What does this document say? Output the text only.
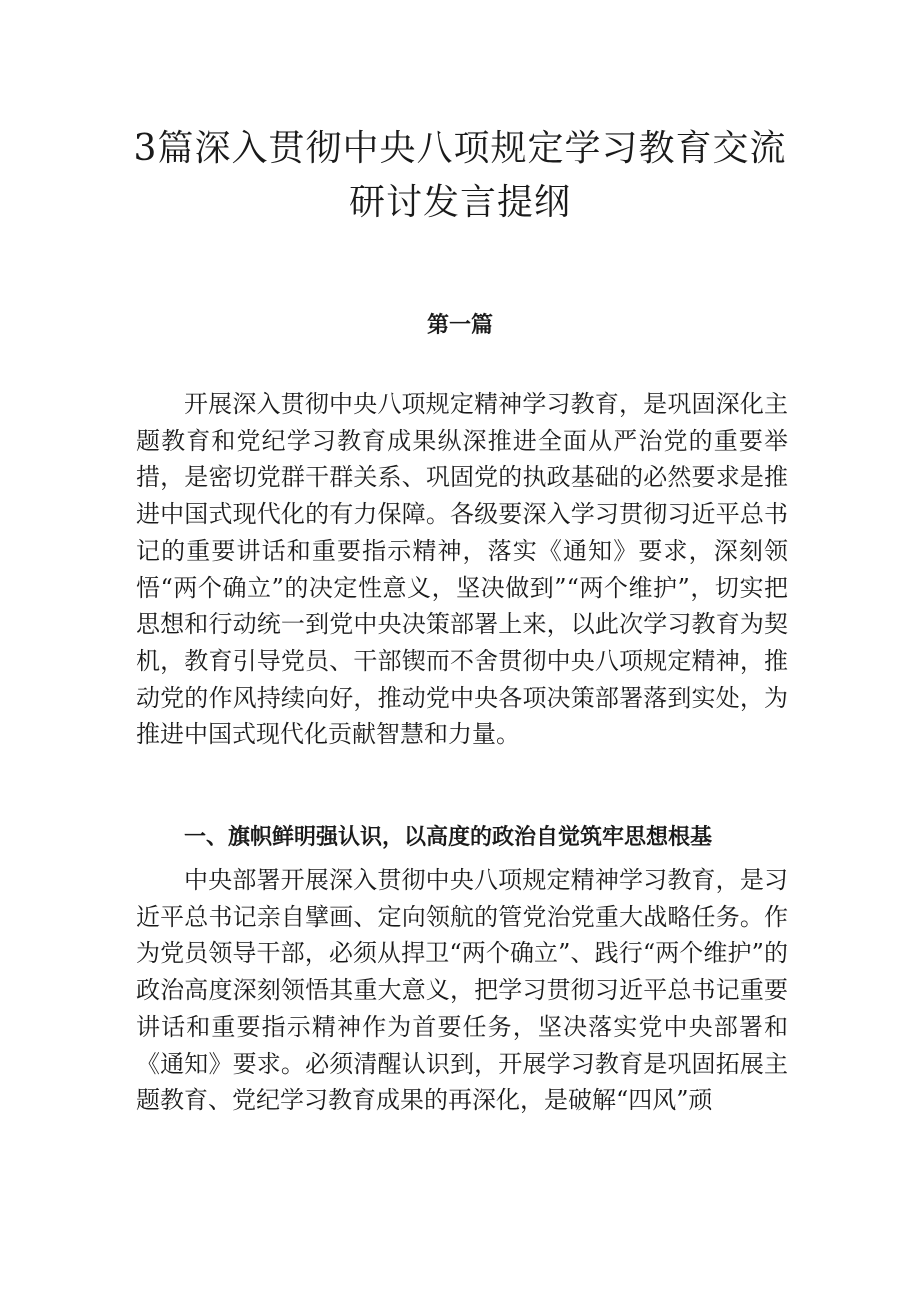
3篇深入贯彻中央八项规定学习教育交流研讨发言提纲
第一篇

开展深入贯彻中央八项规定精神学习教育，是巩固深化主题教育和党纪学习教育成果纵深推进全面从严治党的重要举措，是密切党群干群关系、巩固党的执政基础的必然要求是推进中国式现代化的有力保障。各级要深入学习贯彻习近平总书记的重要讲话和重要指示精神，落实《通知》要求，深刻领悟“两个确立”的决定性意义，坚决做到”“两个维护”，切实把思想和行动统一到党中央决策部署上来，以此次学习教育为契机，教育引导党员、干部锲而不舍贯彻中央八项规定精神，推动党的作风持续向好，推动党中央各项决策部署落到实处，为推进中国式现代化贡献智慧和力量。

一、旗帜鲜明强认识，以高度的政治自觉筑牢思想根基

中央部署开展深入贯彻中央八项规定精神学习教育，是习近平总书记亲自擘画、定向领航的管党治党重大战略任务。作为党员领导干部，必须从捍卫“两个确立”、践行“两个维护”的政治高度深刻领悟其重大意义，把学习贯彻习近平总书记重要讲话和重要指示精神作为首要任务，坚决落实党中央部署和《通知》要求。必须清醒认识到，开展学习教育是巩固拓展主题教育、党纪学习教育成果的再深化，是破解“四风”顽
